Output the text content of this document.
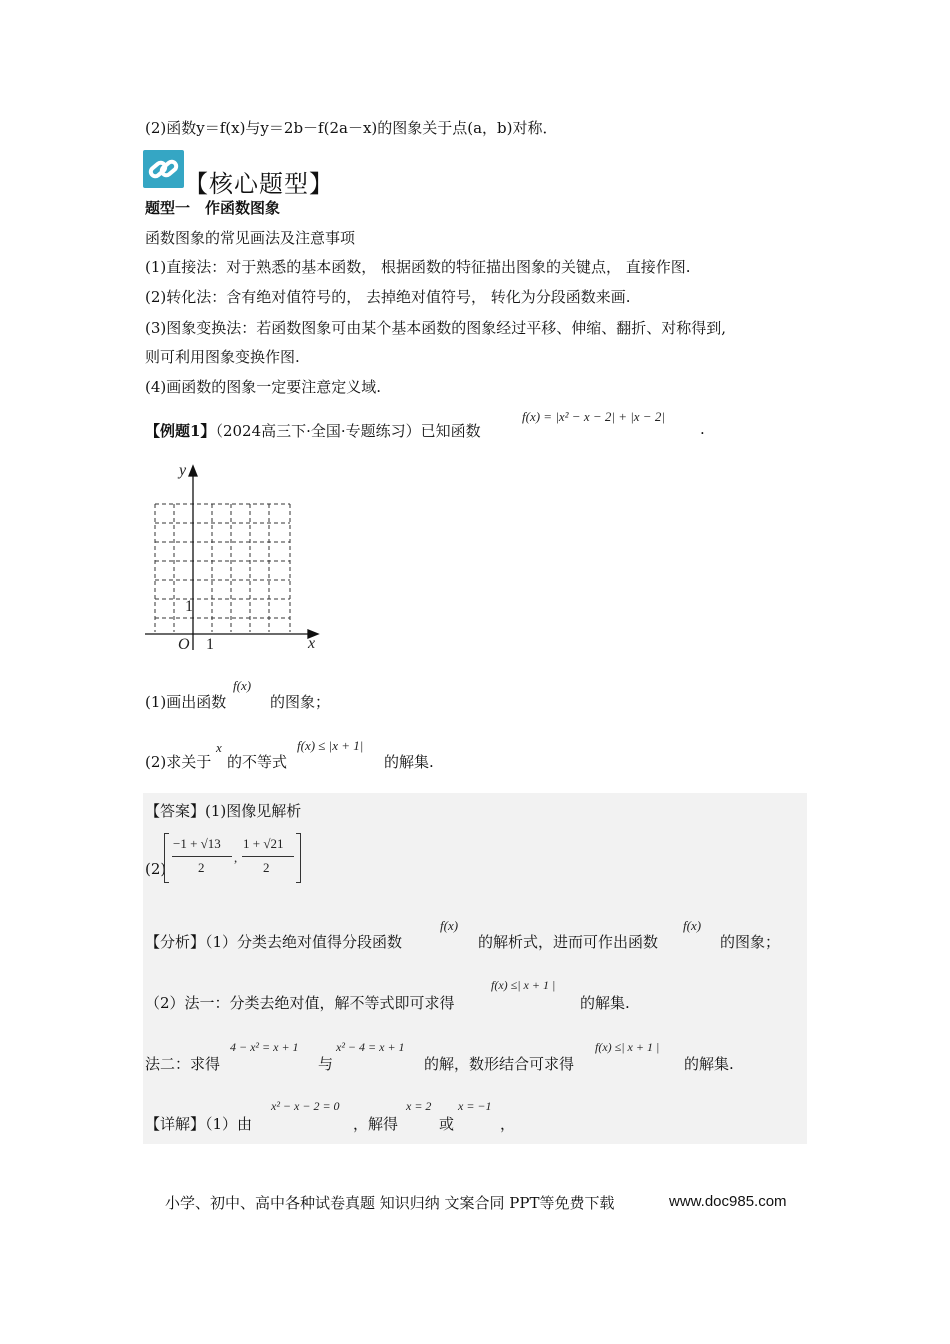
(2)函数y＝f(x)与y＝2b－f(2a－x)的图象关于点(a，b)对称．
【核心题型】
题型一　作函数图象
函数图象的常见画法及注意事项
(1)直接法：对于熟悉的基本函数， 根据函数的特征描出图象的关键点， 直接作图.
(2)转化法：含有绝对值符号的， 去掉绝对值符号， 转化为分段函数来画.
(3)图象变换法：若函数图象可由某个基本函数的图象经过平移、伸缩、翻折、对称得到,
则可利用图象变换作图.
(4)画函数的图象一定要注意定义域.
【例题1】（2024高三下·全国·专题练习）已知函数
f(x) = |x² − x − 2| + |x − 2|
.
y
x
O 1
1
(1)画出函数
f(x)
的图象；
(2)求关于
x
的不等式
f(x) ≤ |x + 1|
的解集.
【答案】(1)图像见解析
(2)
−1 + √13
2
,
1 + √21
2
【分析】（1）分类去绝对值得分段函数
f(x)
的解析式，进而可作出函数
f(x)
的图象；
（2）法一：分类去绝对值，解不等式即可求得
f(x) ≤| x + 1 |
的解集.
法二：求得
4 − x² = x + 1
与
x² − 4 = x + 1
的解，数形结合可求得
f(x) ≤| x + 1 |
的解集.
【详解】（1）由
x² − x − 2 = 0
，解得
x = 2
或
x = −1
，
小学、初中、高中各种试卷真题 知识归纳 文案合同 PPT等免费下载	www.doc985.com
